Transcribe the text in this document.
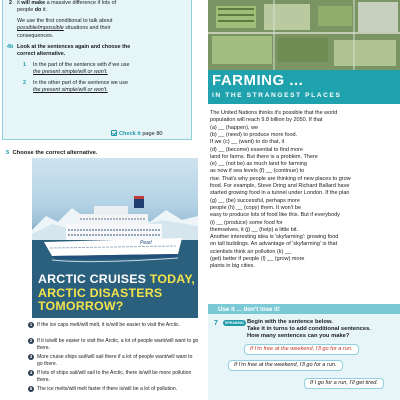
2 it will make a massive difference if lots of
people do it.
We use the first conditional to talk about
possible/impossible situations and their
consequences.
4b Look at the sentences again and choose the
correct alternative.
1 In the part of the sentence with if we use
the present simple/will or won't.
2 In the other part of the sentence we use
the present simple/will or won't.
Check it page 80
5 Choose the correct alternative.
Pearl
ARCTIC CRUISES TODAY,
ARCTIC DISASTERS
TOMORROW?
1 If the ice caps melt/will melt, it is/will be easier to visit the Arctic.
2 If it is/will be easier to visit the Arctic, a lot of people want/will want to go there.
3 More cruise ships sail/will sail there if a lot of people want/will want to go there.
4 If lots of ships sail/will sail to the Arctic, there is/will be more pollution there.
5 The ice melts/will melt faster if there is/will be a lot of pollution.
FARMING ...
IN THE STRANGEST PLACES
The United Nations thinks it's possible that the world
population will reach 9.8 billion by 2050. If that
(a) __ (happen), we
(b) __ (need) to produce more food.
If we (c) __ (want) to do that, it
(d) __ (become) essential to find more
land for farms. But there is a problem. There
(e) __ (not be) as much land for farming
as now if sea levels (f) __ (continue) to
rise. That's why people are thinking of new places to grow
food. For example, Steve Dring and Richard Ballard have
started growing food in a tunnel under London. If the plan
(g) __ (be) successful, perhaps more
people (h) __ (copy) them. It won't be
easy to produce lots of food like this. But if everybody
(i) __ (produce) some food for
themselves, it (j) __ (help) a little bit.
Another interesting idea is 'skyfarming': growing food
on tall buildings. An advantage of 'skyfarming' is that
scientists think air pollution (k) __
(get) better if people (l) __ (grow) more
plants in big cities.
Use it ... don't lose it!
7	SPEAKING Begin with the sentence below.
Take it in turns to add conditional sentences.
How many sentences can you make?
If I'm free at the weekend, I'll go for a run.
If I'm free at the weekend, I'll go for a run.
If I go for a run, I'll get tired.
